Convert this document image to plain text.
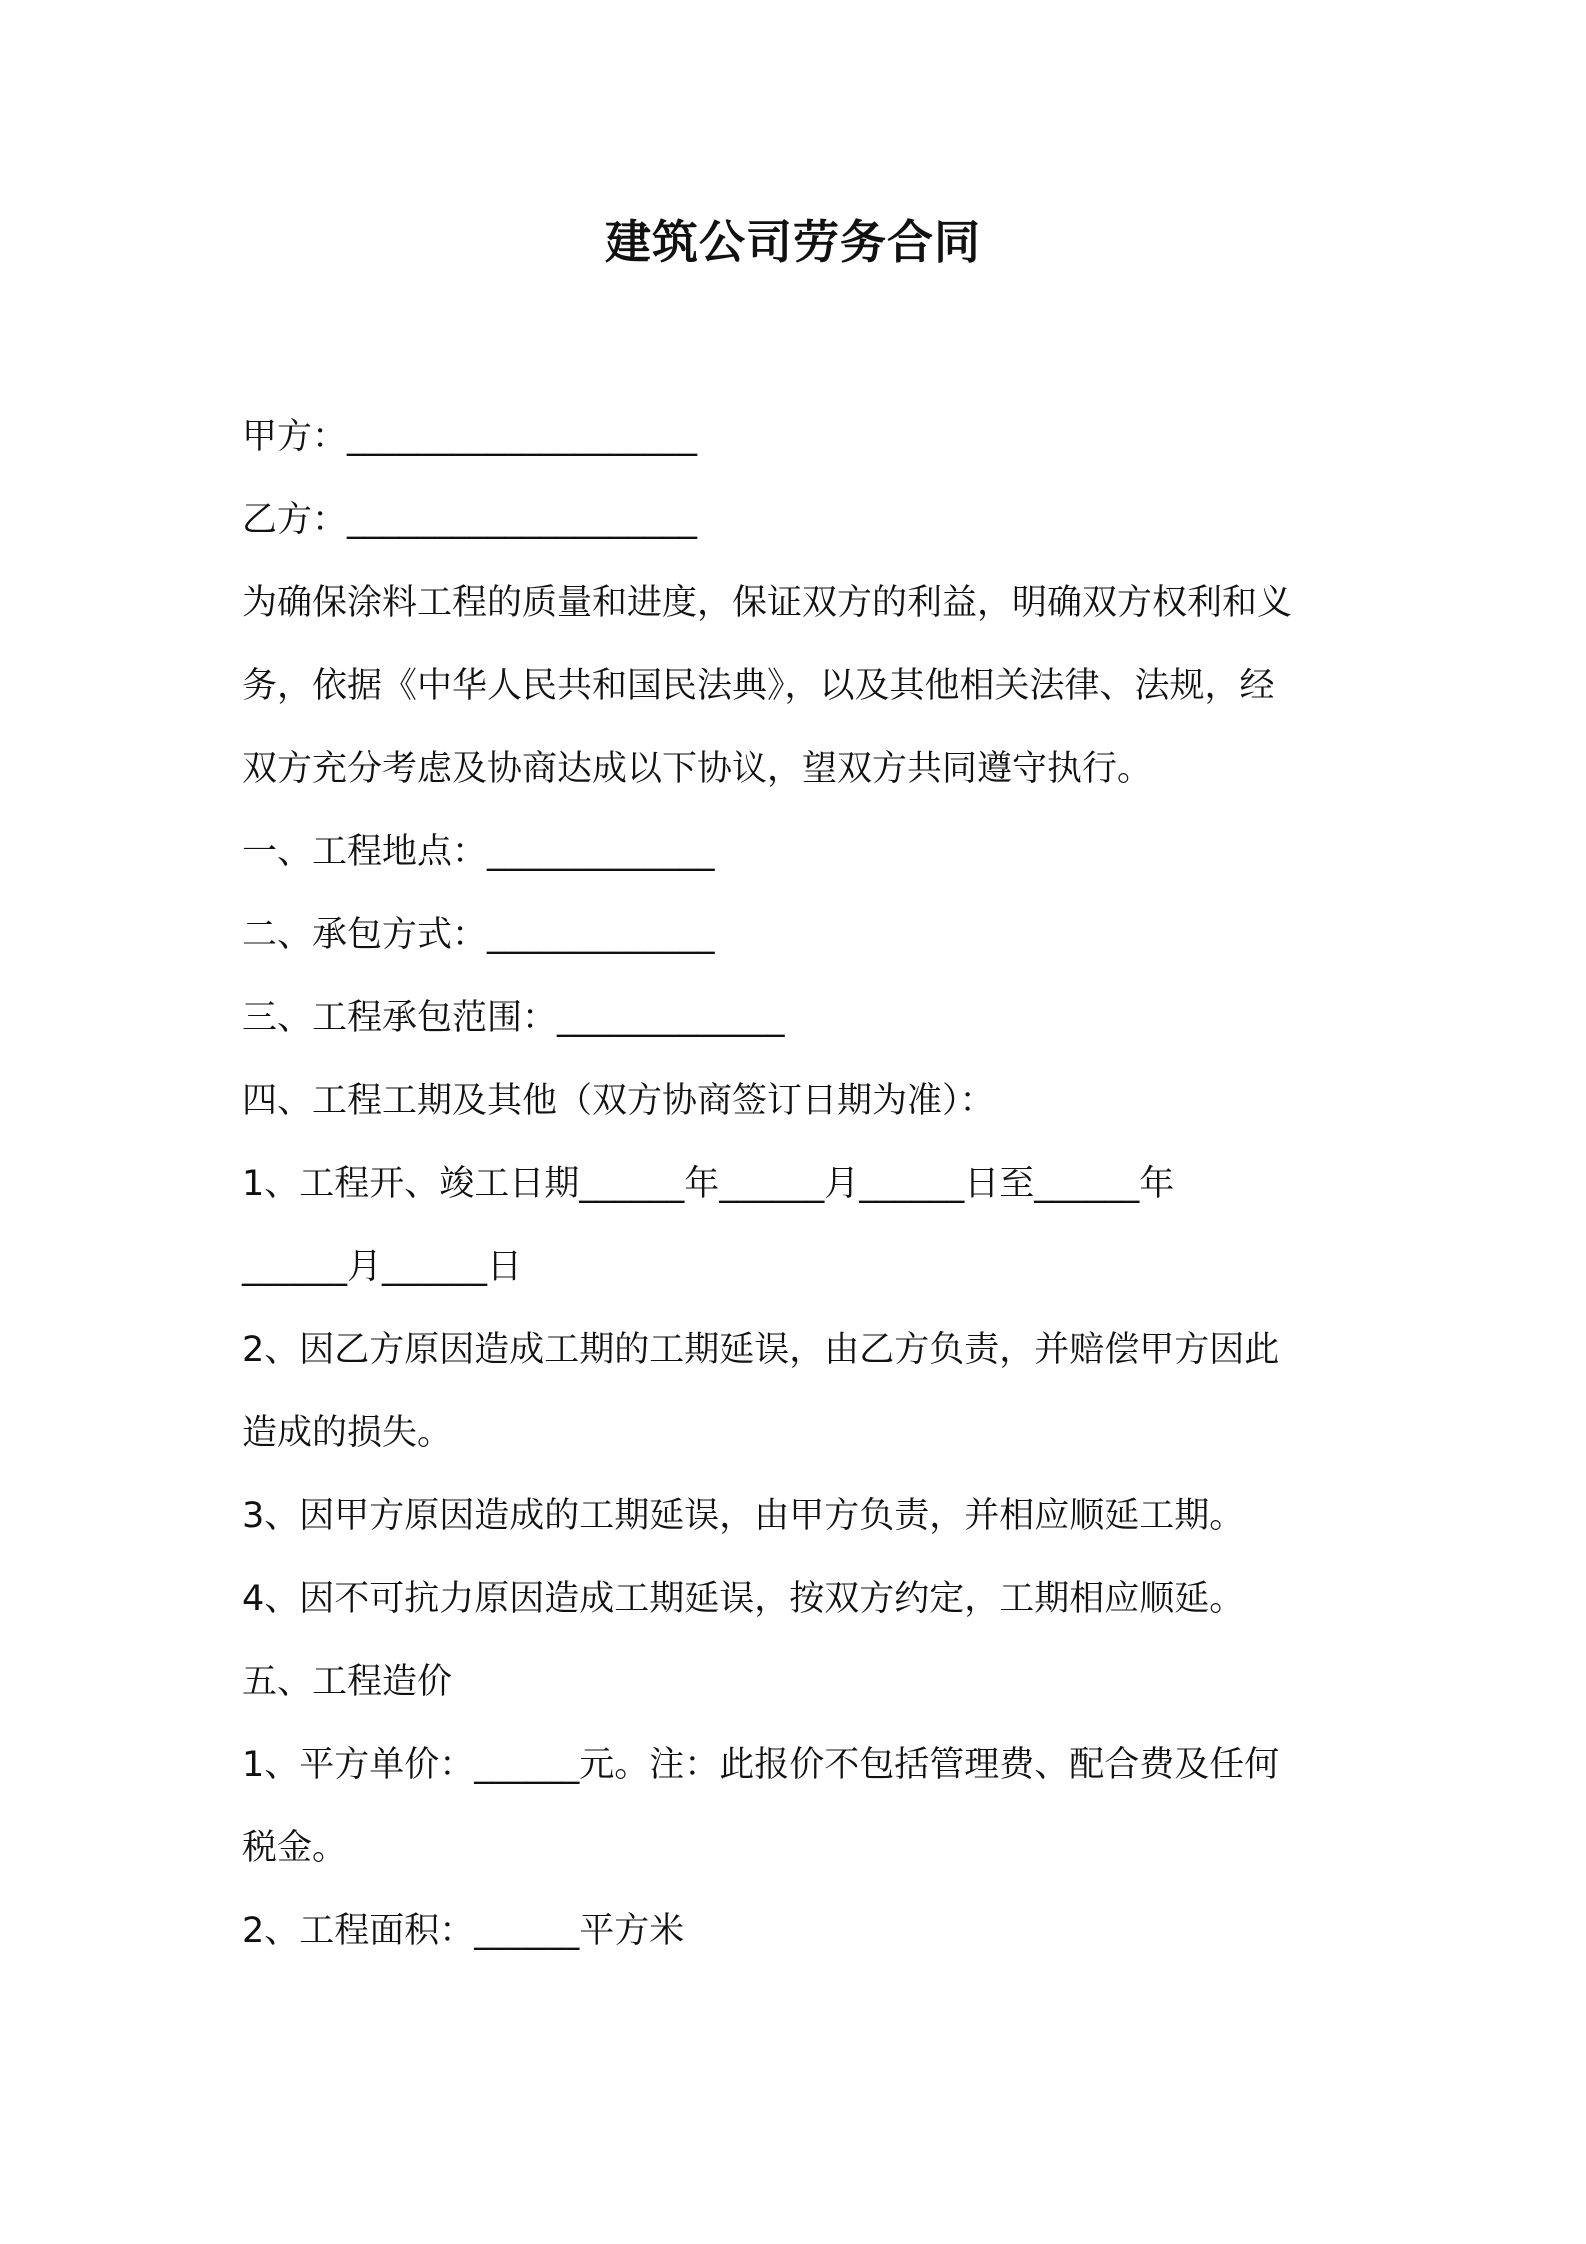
建筑公司劳务合同
甲方：____________________
乙方：____________________
为确保涂料工程的质量和进度，保证双方的利益，明确双方权利和义
务，依据《中华人民共和国民法典》，以及其他相关法律、法规，经
双方充分考虑及协商达成以下协议，望双方共同遵守执行。
一、工程地点：_____________
二、承包方式：_____________
三、工程承包范围：_____________
四、工程工期及其他（双方协商签订日期为准）：
1、工程开、竣工日期______年______月______日至______年
______月______日
2、因乙方原因造成工期的工期延误，由乙方负责，并赔偿甲方因此
造成的损失。
3、因甲方原因造成的工期延误，由甲方负责，并相应顺延工期。
4、因不可抗力原因造成工期延误，按双方约定，工期相应顺延。
五、工程造价
1、平方单价：______元。注：此报价不包括管理费、配合费及任何
税金。
2、工程面积：______平方米
